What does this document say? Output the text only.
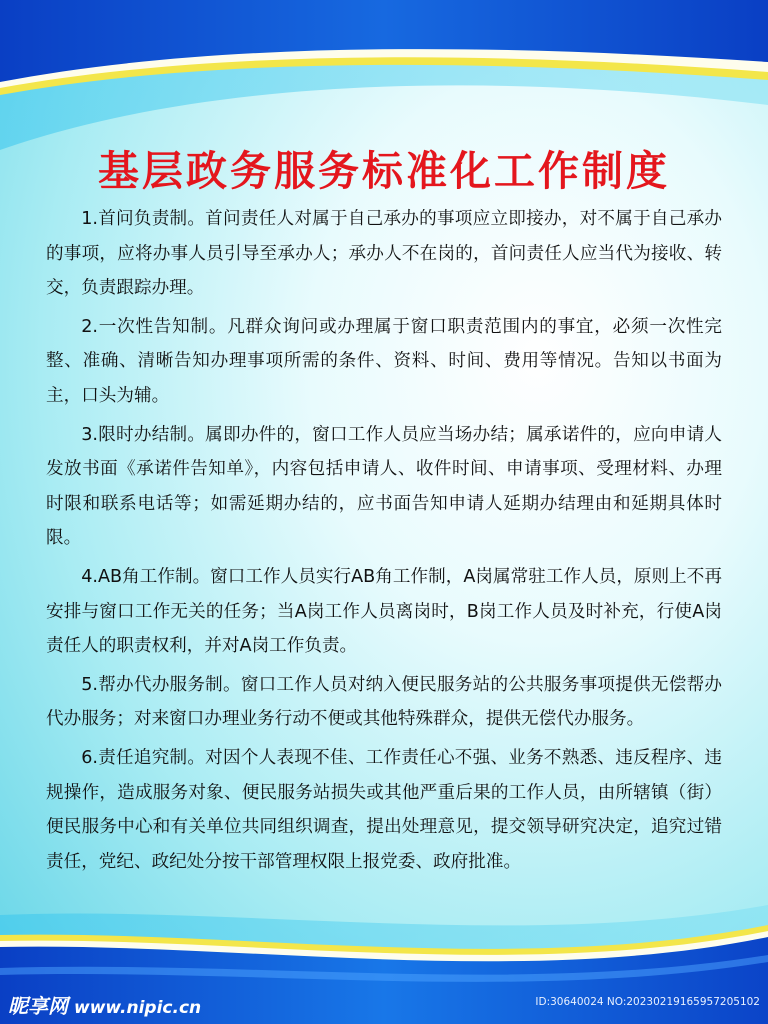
基层政务服务标准化工作制度

1.首问负责制。首问责任人对属于自己承办的事项应立即接办，对不属于自己承办的事项，应将办事人员引导至承办人；承办人不在岗的，首问责任人应当代为接收、转交，负责跟踪办理。

2.一次性告知制。凡群众询问或办理属于窗口职责范围内的事宜，必须一次性完整、准确、清晰告知办理事项所需的条件、资料、时间、费用等情况。告知以书面为主，口头为辅。

3.限时办结制。属即办件的，窗口工作人员应当场办结；属承诺件的，应向申请人发放书面《承诺件告知单》，内容包括申请人、收件时间、申请事项、受理材料、办理时限和联系电话等；如需延期办结的，应书面告知申请人延期办结理由和延期具体时限。

4.AB角工作制。窗口工作人员实行AB角工作制，A岗属常驻工作人员，原则上不再安排与窗口工作无关的任务；当A岗工作人员离岗时，B岗工作人员及时补充，行使A岗责任人的职责权利，并对A岗工作负责。

5.帮办代办服务制。窗口工作人员对纳入便民服务站的公共服务事项提供无偿帮办代办服务；对来窗口办理业务行动不便或其他特殊群众，提供无偿代办服务。

6.责任追究制。对因个人表现不佳、工作责任心不强、业务不熟悉、违反程序、违规操作，造成服务对象、便民服务站损失或其他严重后果的工作人员，由所辖镇（街）便民服务中心和有关单位共同组织调查，提出处理意见，提交领导研究决定，追究过错责任，党纪、政纪处分按干部管理权限上报党委、政府批准。

昵享网 www.nipic.cn	ID:30640024 NO:20230219165957205102
